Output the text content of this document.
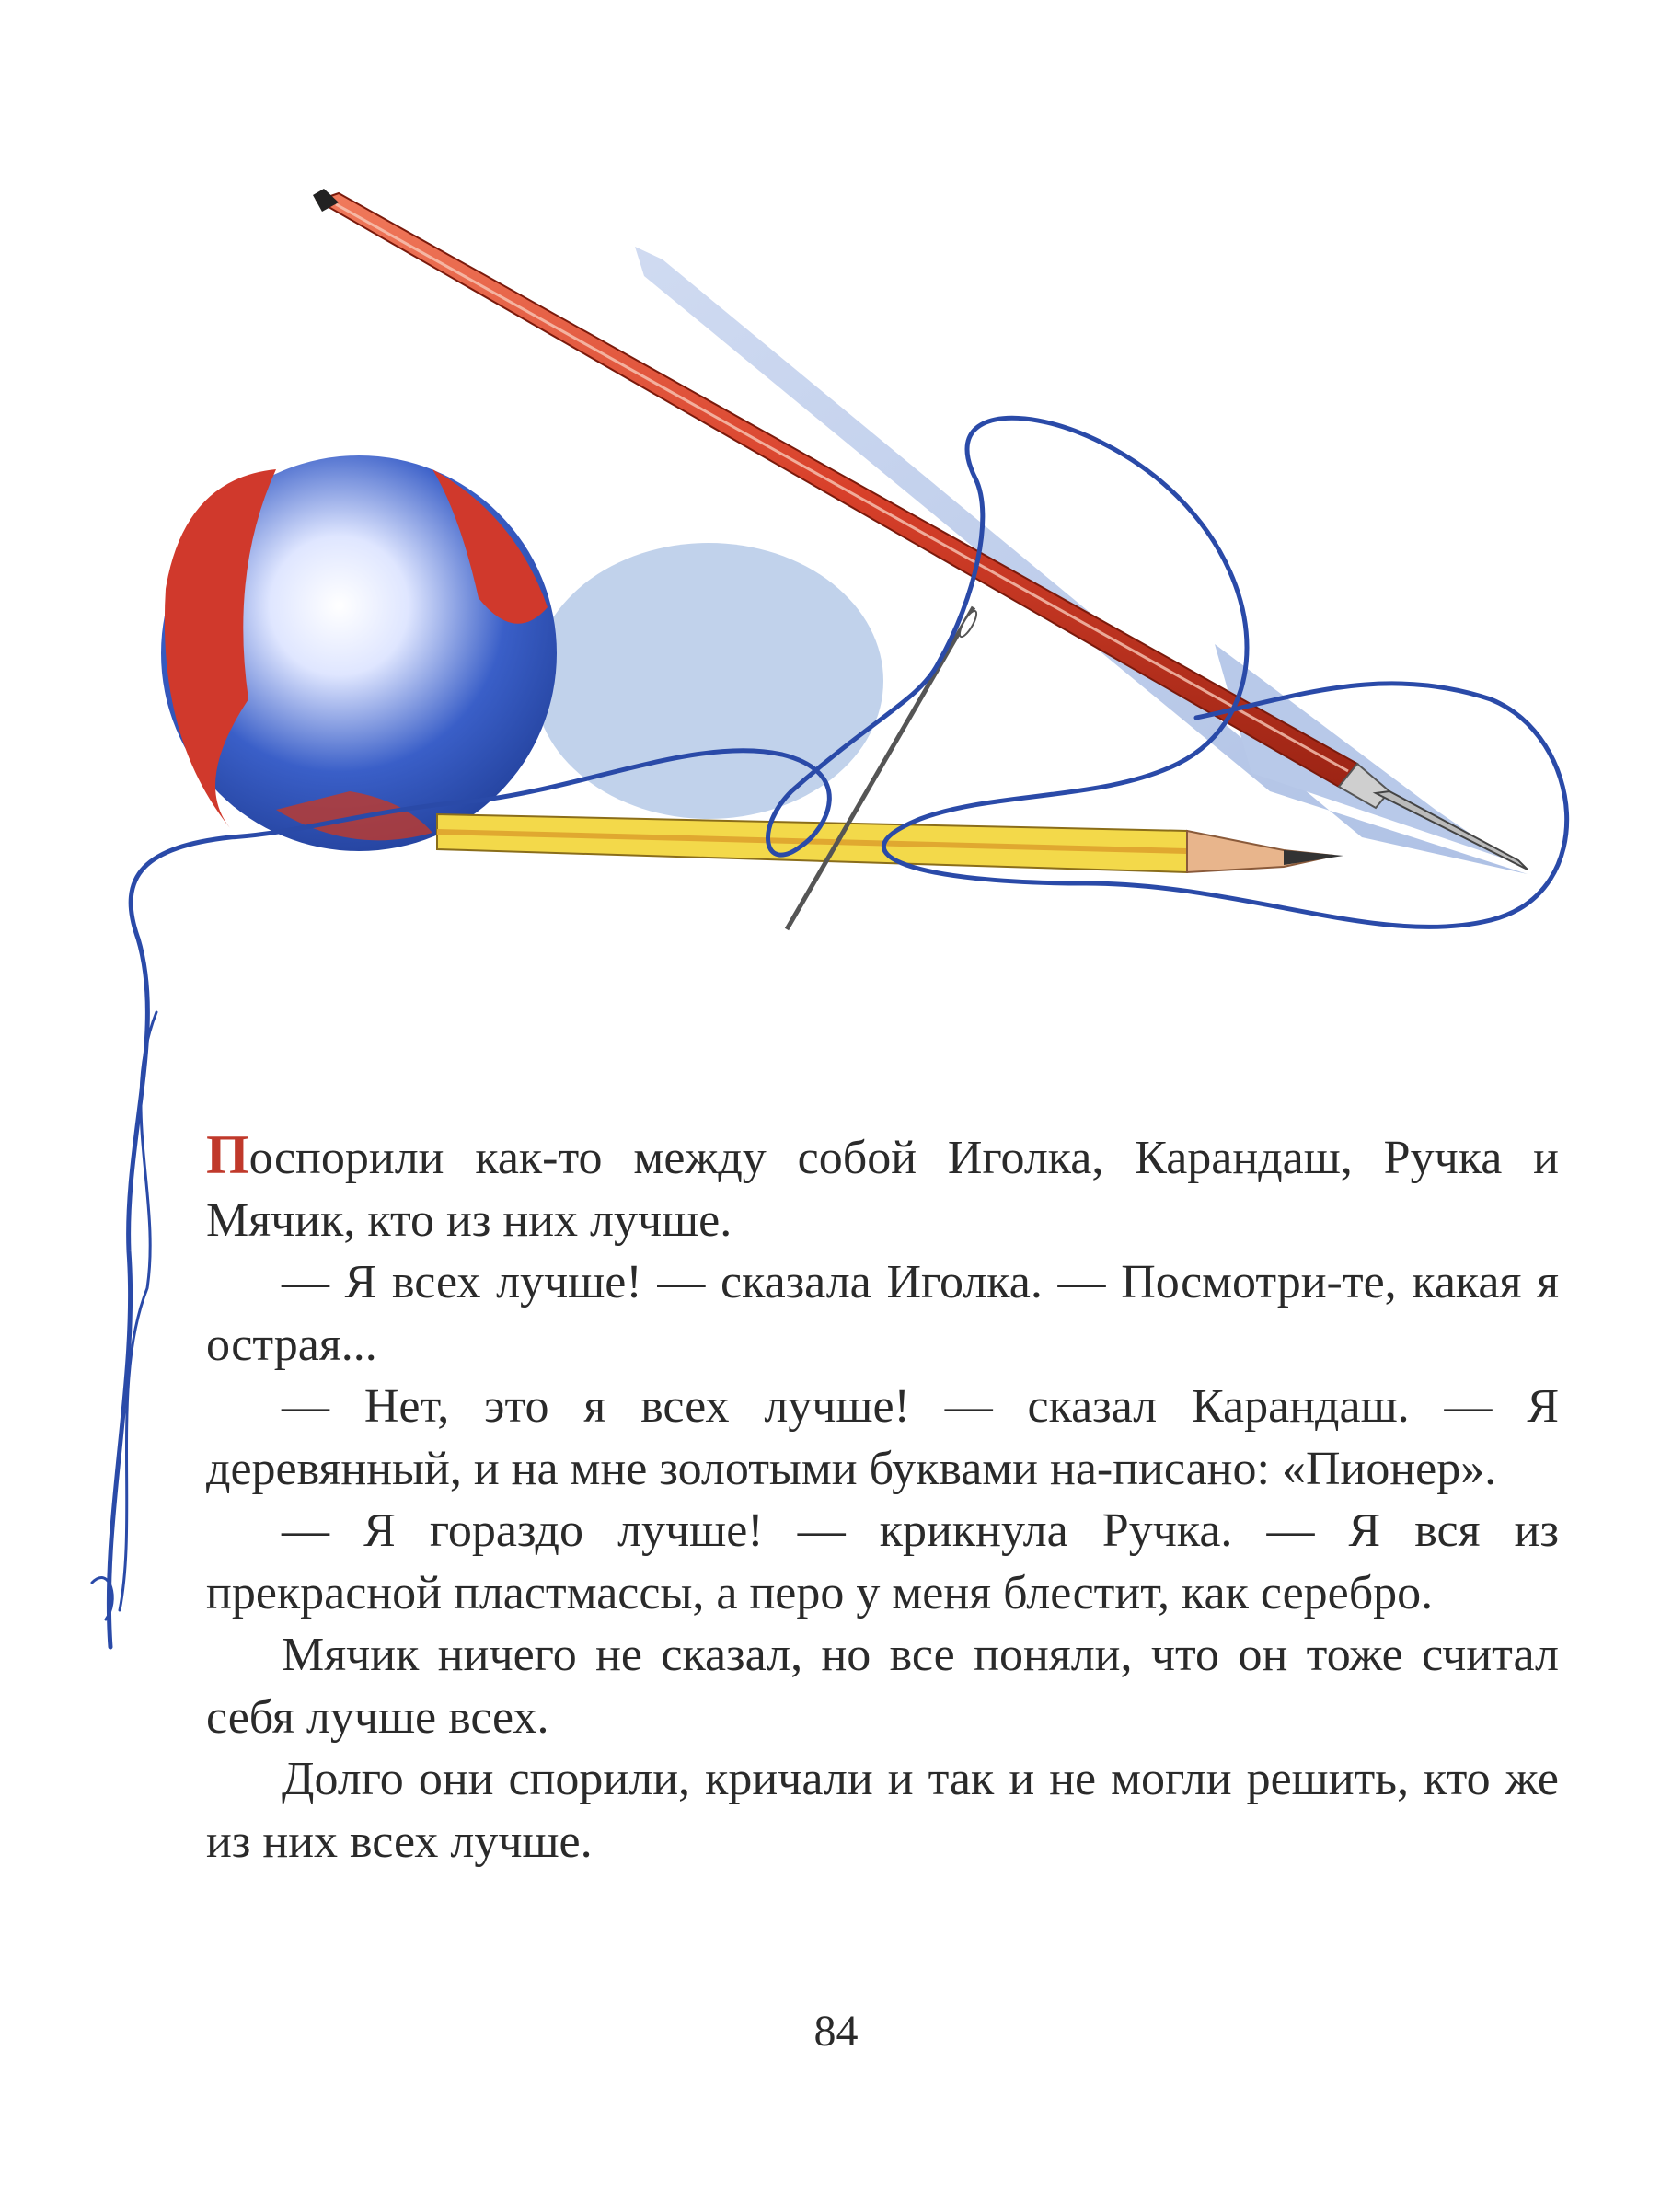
Поспорили как-то между собой Иголка, Карандаш, Ручка и Мячик, кто из них лучше.

— Я всех лучше! — сказала Иголка. — Посмотри-те, какая я острая...

— Нет, это я всех лучше! — сказал Карандаш. — Я деревянный, и на мне золотыми буквами на-писано: «Пионер».

— Я гораздо лучше! — крикнула Ручка. — Я вся из прекрасной пластмассы, а перо у меня блестит, как серебро.

Мячик ничего не сказал, но все поняли, что он тоже считал себя лучше всех.

Долго они спорили, кричали и так и не могли решить, кто же из них всех лучше.

84
